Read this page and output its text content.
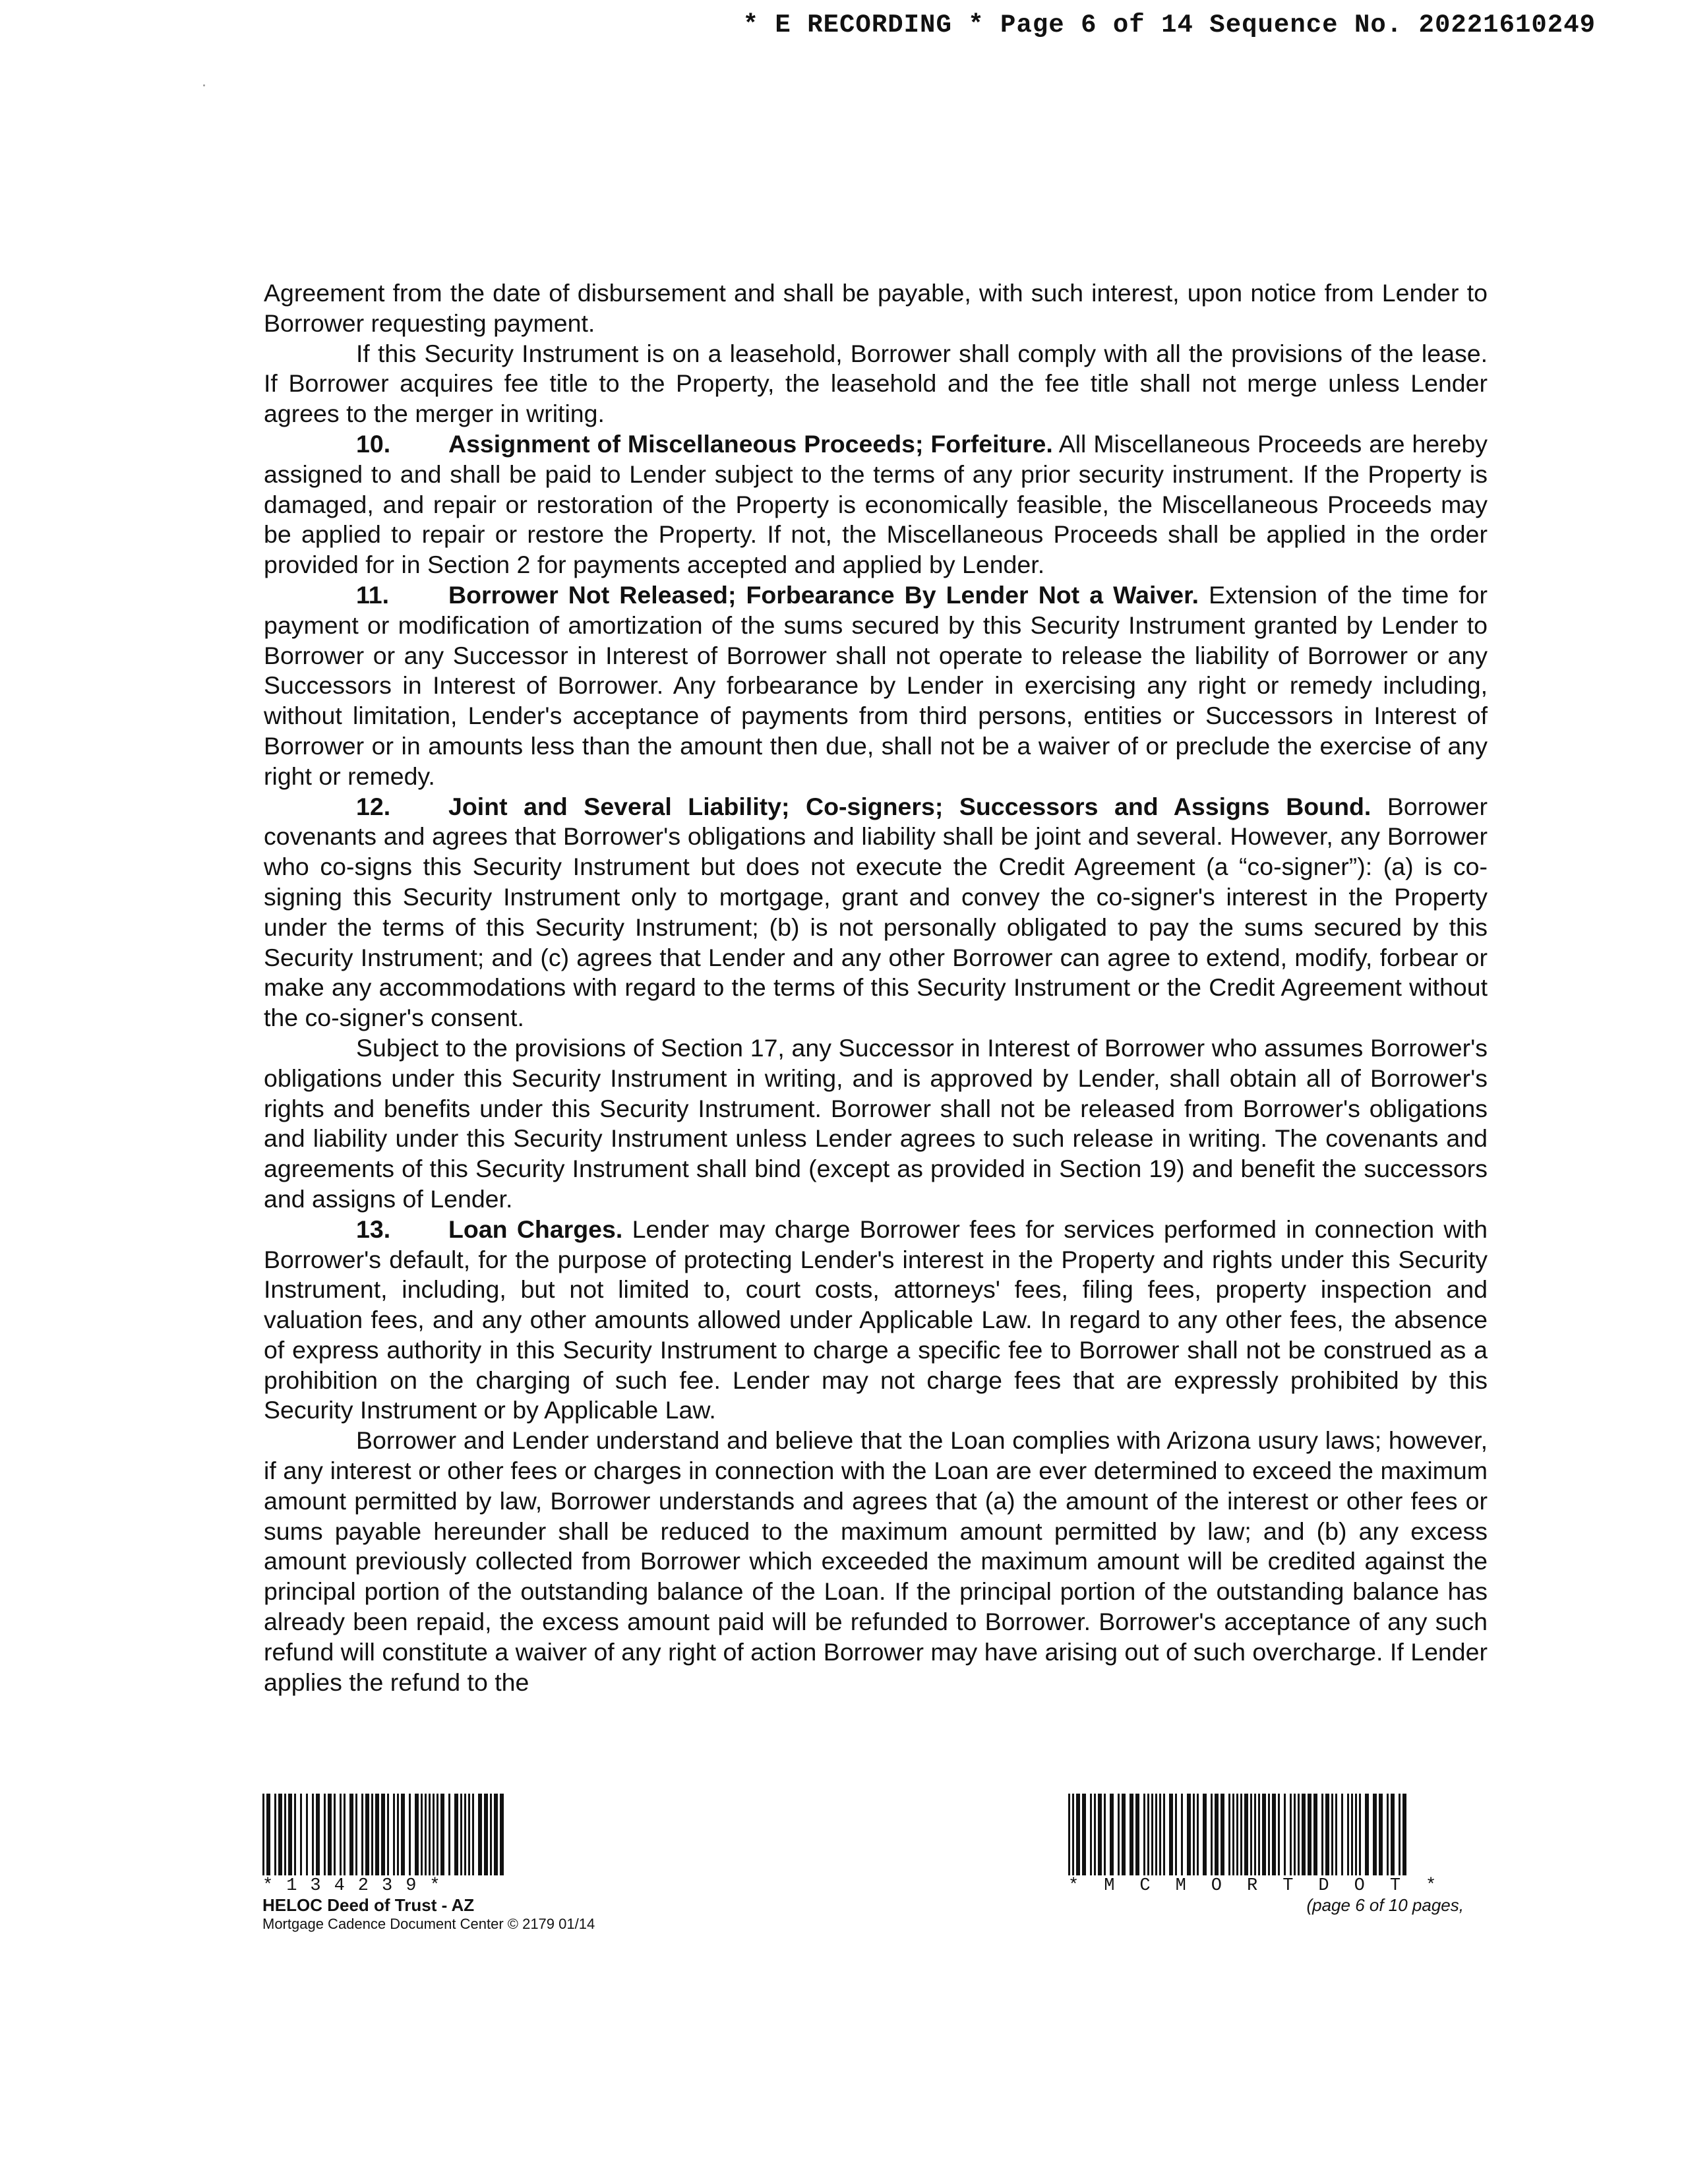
* E RECORDING * Page 6 of 14 Sequence No. 20221610249

Agreement from the date of disbursement and shall be payable, with such interest, upon notice from Lender to Borrower requesting payment.

If this Security Instrument is on a leasehold, Borrower shall comply with all the provisions of the lease. If Borrower acquires fee title to the Property, the leasehold and the fee title shall not merge unless Lender agrees to the merger in writing.

10. Assignment of Miscellaneous Proceeds; Forfeiture. All Miscellaneous Proceeds are hereby assigned to and shall be paid to Lender subject to the terms of any prior security instrument. If the Property is damaged, and repair or restoration of the Property is economically feasible, the Miscellaneous Proceeds may be applied to repair or restore the Property. If not, the Miscellaneous Proceeds shall be applied in the order provided for in Section 2 for payments accepted and applied by Lender.

11. Borrower Not Released; Forbearance By Lender Not a Waiver. Extension of the time for payment or modification of amortization of the sums secured by this Security Instrument granted by Lender to Borrower or any Successor in Interest of Borrower shall not operate to release the liability of Borrower or any Successors in Interest of Borrower. Any forbearance by Lender in exercising any right or remedy including, without limitation, Lender's acceptance of payments from third persons, entities or Successors in Interest of Borrower or in amounts less than the amount then due, shall not be a waiver of or preclude the exercise of any right or remedy.

12. Joint and Several Liability; Co-signers; Successors and Assigns Bound. Borrower covenants and agrees that Borrower's obligations and liability shall be joint and several. However, any Borrower who co-signs this Security Instrument but does not execute the Credit Agreement (a “co-signer”): (a) is co-signing this Security Instrument only to mortgage, grant and convey the co-signer's interest in the Property under the terms of this Security Instrument; (b) is not personally obligated to pay the sums secured by this Security Instrument; and (c) agrees that Lender and any other Borrower can agree to extend, modify, forbear or make any accommodations with regard to the terms of this Security Instrument or the Credit Agreement without the co-signer's consent.

Subject to the provisions of Section 17, any Successor in Interest of Borrower who assumes Borrower's obligations under this Security Instrument in writing, and is approved by Lender, shall obtain all of Borrower's rights and benefits under this Security Instrument. Borrower shall not be released from Borrower's obligations and liability under this Security Instrument unless Lender agrees to such release in writing. The covenants and agreements of this Security Instrument shall bind (except as provided in Section 19) and benefit the successors and assigns of Lender.

13. Loan Charges. Lender may charge Borrower fees for services performed in connection with Borrower's default, for the purpose of protecting Lender's interest in the Property and rights under this Security Instrument, including, but not limited to, court costs, attorneys' fees, filing fees, property inspection and valuation fees, and any other amounts allowed under Applicable Law. In regard to any other fees, the absence of express authority in this Security Instrument to charge a specific fee to Borrower shall not be construed as a prohibition on the charging of such fee. Lender may not charge fees that are expressly prohibited by this Security Instrument or by Applicable Law.

Borrower and Lender understand and believe that the Loan complies with Arizona usury laws; however, if any interest or other fees or charges in connection with the Loan are ever determined to exceed the maximum amount permitted by law, Borrower understands and agrees that (a) the amount of the interest or other fees or sums payable hereunder shall be reduced to the maximum amount permitted by law; and (b) any excess amount previously collected from Borrower which exceeded the maximum amount will be credited against the principal portion of the outstanding balance of the Loan. If the principal portion of the outstanding balance has already been repaid, the excess amount paid will be refunded to Borrower. Borrower's acceptance of any such refund will constitute a waiver of any right of action Borrower may have arising out of such overcharge. If Lender applies the refund to the

*134239*
HELOC Deed of Trust - AZ
Mortgage Cadence Document Center © 2179 01/14
*MCMORTDOT*
(page 6 of 10 pages,
